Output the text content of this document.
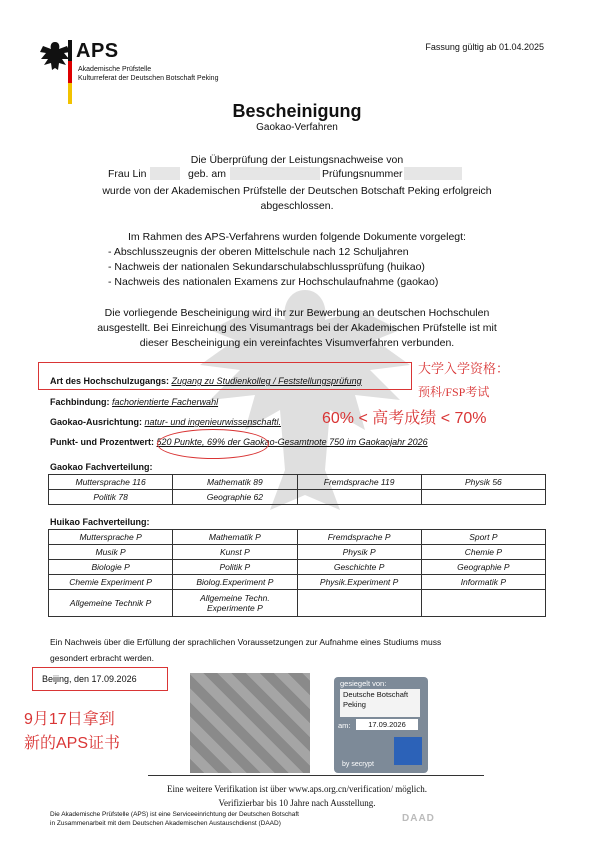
APS
Akademische Prüfstelle
Kulturreferat der Deutschen Botschaft Peking
Fassung gültig ab 01.04.2025
Bescheinigung
Gaokao-Verfahren
Die Überprüfung der Leistungsnachweise von
Frau Lin	geb. am	Prüfungsnummer
wurde von der Akademischen Prüfstelle der Deutschen Botschaft Peking erfolgreich
abgeschlossen.
Im Rahmen des APS-Verfahrens wurden folgende Dokumente vorgelegt:
- Abschlusszeugnis der oberen Mittelschule nach 12 Schuljahren
- Nachweis der nationalen Sekundarschulabschlussprüfung (huikao)
- Nachweis des nationalen Examens zur Hochschulaufnahme (gaokao)
Die vorliegende Bescheinigung wird ihr zur Bewerbung an deutschen Hochschulen
ausgestellt. Bei Einreichung des Visumantrags bei der Akademischen Prüfstelle ist mit
dieser Bescheinigung ein vereinfachtes Visumverfahren verbunden.
Art des Hochschulzugangs: Zugang zu Studienkolleg / Feststellungsprüfung
Fachbindung: fachorientierte Facherwahl
Gaokao-Ausrichtung: natur- und ingenieurwissenschaftl.
Punkt- und Prozentwert: 520 Punkte, 69% der Gaokao-Gesamtnote 750 im Gaokaojahr 2026
大学入学资格：
预科/FSP考试
60% < 高考成绩 < 70%
Gaokao Fachverteilung:
Muttersprache 116	Mathematik 89	Fremdsprache 119	Physik 56
Politik 78	Geographie 62		
Huikao Fachverteilung:
Muttersprache P	Mathematik P	Fremdsprache P	Sport P
Musik P	Kunst P	Physik P	Chemie P
Biologie P	Politik P	Geschichte P	Geographie P
Chemie Experiment P	Biolog.Experiment P	Physik.Experiment P	Informatik P
Allgemeine Technik P	Allgemeine Techn. Experimente P		
Ein Nachweis über die Erfüllung der sprachlichen Voraussetzungen zur Aufnahme eines Studiums muss
gesondert erbracht werden.
Beijing, den 17.09.2026
9月17日拿到
新的APS证书
gesiegelt von:
Deutsche Botschaft Peking
am:	17.09.2026
by secrypt
Eine weitere Verifikation ist über www.aps.org.cn/verification/ möglich.
Verifizierbar bis 10 Jahre nach Ausstellung.
Die Akademische Prüfstelle (APS) ist eine Serviceeinrichtung der Deutschen Botschaft
in Zusammenarbeit mit dem Deutschen Akademischen Austauschdienst (DAAD)	DAAD
